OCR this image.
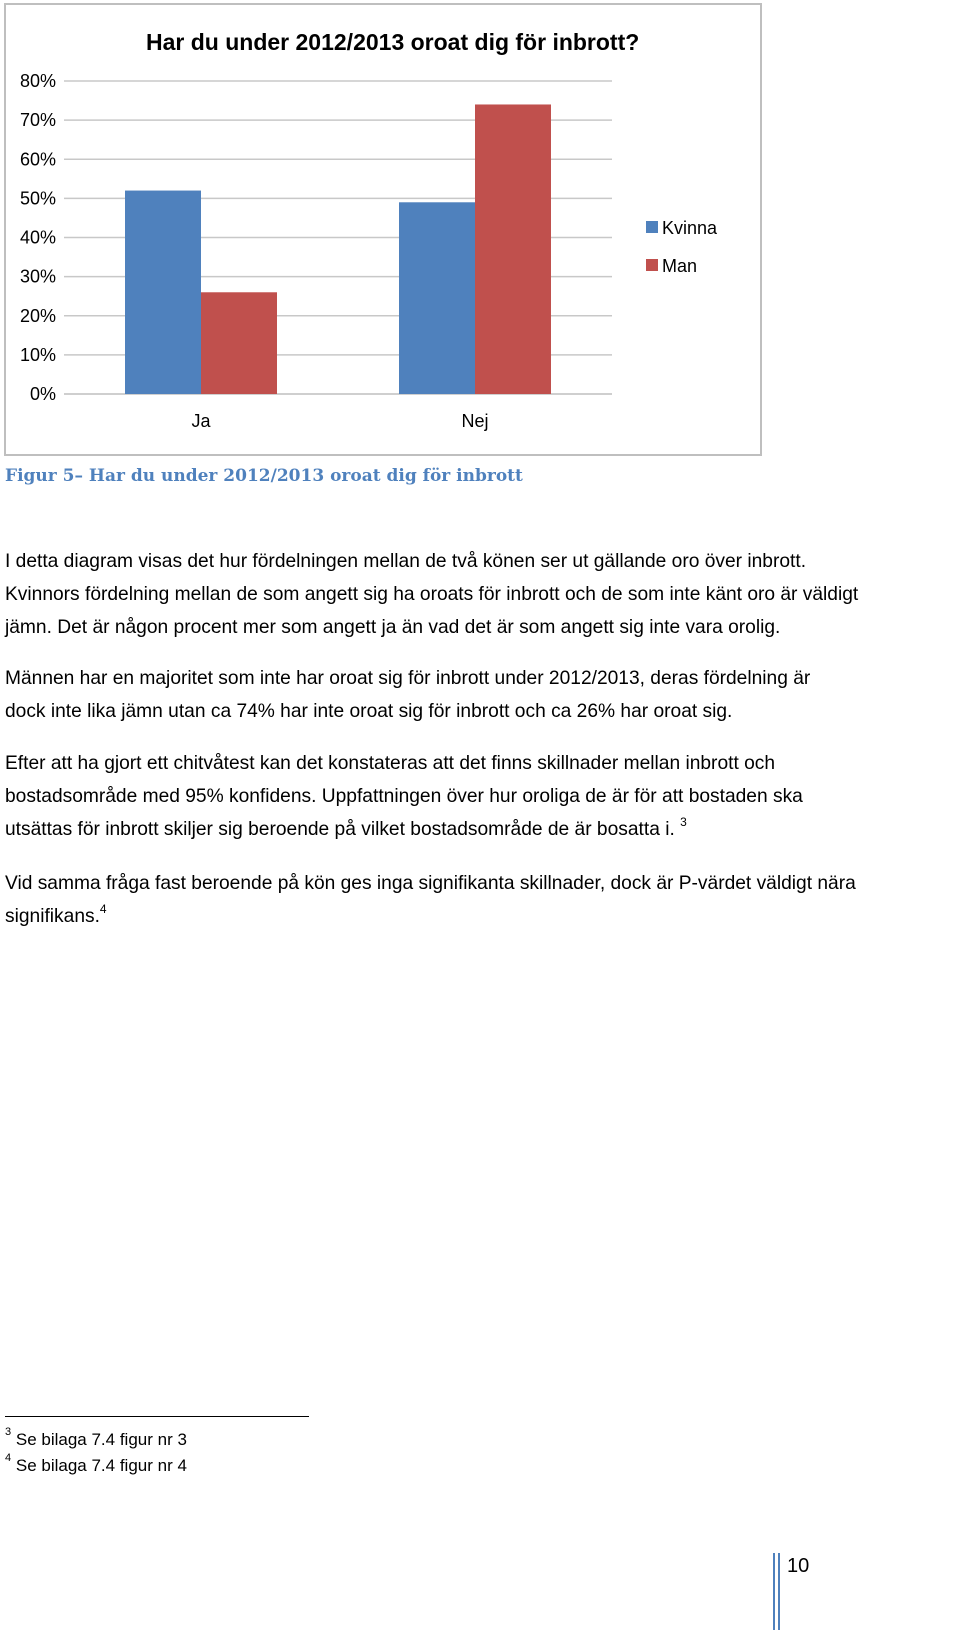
0%
10%
20%
30%
40%
50%
60%
70%
80%
Ja	Nej
Kvinna
Man
Har du under 2012/2013 oroat dig för inbrott?
Figur 5– Har du under 2012/2013 oroat dig för inbrott
I detta diagram visas det hur fördelningen mellan de två könen ser ut gällande oro över inbrott.
Kvinnors fördelning mellan de som angett sig ha oroats för inbrott och de som inte känt oro är väldigt
jämn. Det är någon procent mer som angett ja än vad det är som angett sig inte vara orolig.
Männen har en majoritet som inte har oroat sig för inbrott under 2012/2013, deras fördelning är
dock inte lika jämn utan ca 74% har inte oroat sig för inbrott och ca 26% har oroat sig.
Efter att ha gjort ett chitvåtest kan det konstateras att det finns skillnader mellan inbrott och
bostadsområde med 95% konfidens. Uppfattningen över hur oroliga de är för att bostaden ska
utsättas för inbrott skiljer sig beroende på vilket bostadsområde de är bosatta i. $^3$
Vid samma fråga fast beroende på kön ges inga signifikanta skillnader, dock är P-värdet väldigt nära
signifikans.$^4$
$^3$ Se bilaga 7.4 figur nr 3
$^4$ Se bilaga 7.4 figur nr 4
10
